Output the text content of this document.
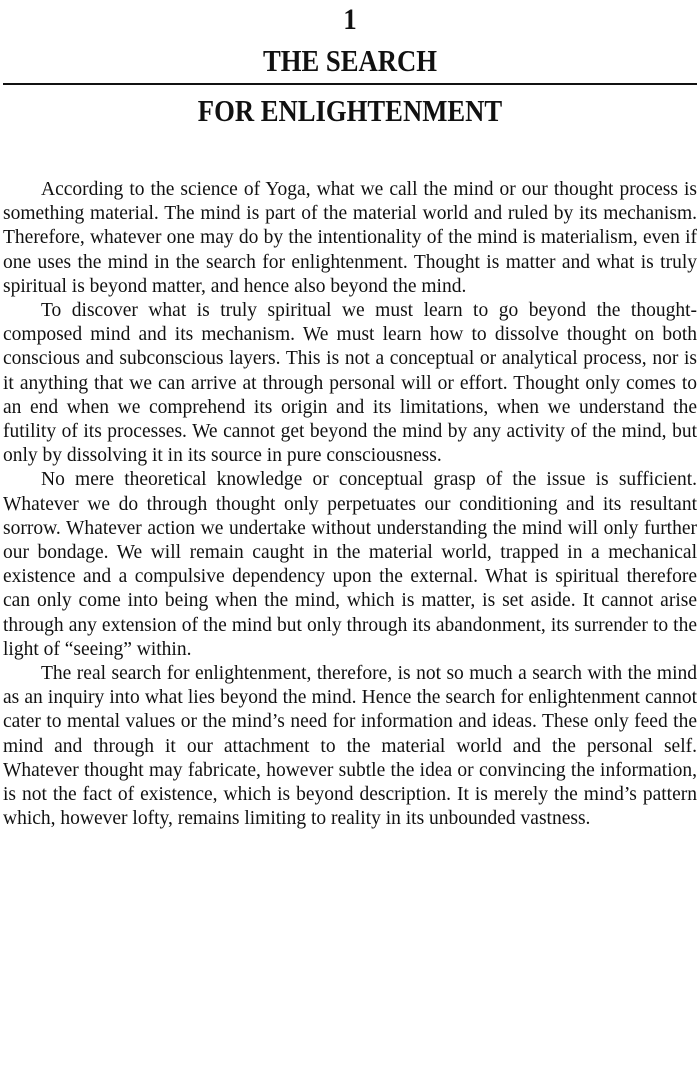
1
THE SEARCH
FOR ENLIGHTENMENT

According to the science of Yoga, what we call the mind or our thought process is something material. The mind is part of the material world and ruled by its mechanism. Therefore, whatever one may do by the intentionality of the mind is materialism, even if one uses the mind in the search for enlightenment. Thought is matter and what is truly spiritual is beyond matter, and hence also beyond the mind.

To discover what is truly spiritual we must learn to go beyond the thought-composed mind and its mechanism. We must learn how to dissolve thought on both conscious and subconscious layers. This is not a conceptual or analytical process, nor is it anything that we can arrive at through personal will or effort. Thought only comes to an end when we comprehend its origin and its limitations, when we understand the futility of its processes. We cannot get beyond the mind by any activity of the mind, but only by dissolving it in its source in pure consciousness.

No mere theoretical knowledge or conceptual grasp of the issue is sufficient. Whatever we do through thought only perpetuates our conditioning and its resultant sorrow. Whatever action we undertake without understanding the mind will only further our bondage. We will remain caught in the material world, trapped in a mechanical existence and a compulsive dependency upon the external. What is spiritual therefore can only come into being when the mind, which is matter, is set aside. It cannot arise through any extension of the mind but only through its abandonment, its surrender to the light of “seeing” within.

The real search for enlightenment, therefore, is not so much a search with the mind as an inquiry into what lies beyond the mind. Hence the search for enlightenment cannot cater to mental values or the mind’s need for information and ideas. These only feed the mind and through it our attachment to the material world and the personal self. Whatever thought may fabricate, however subtle the idea or convincing the information, is not the fact of existence, which is beyond description. It is merely the mind’s pattern which, however lofty, remains limiting to reality in its unbounded vastness.
